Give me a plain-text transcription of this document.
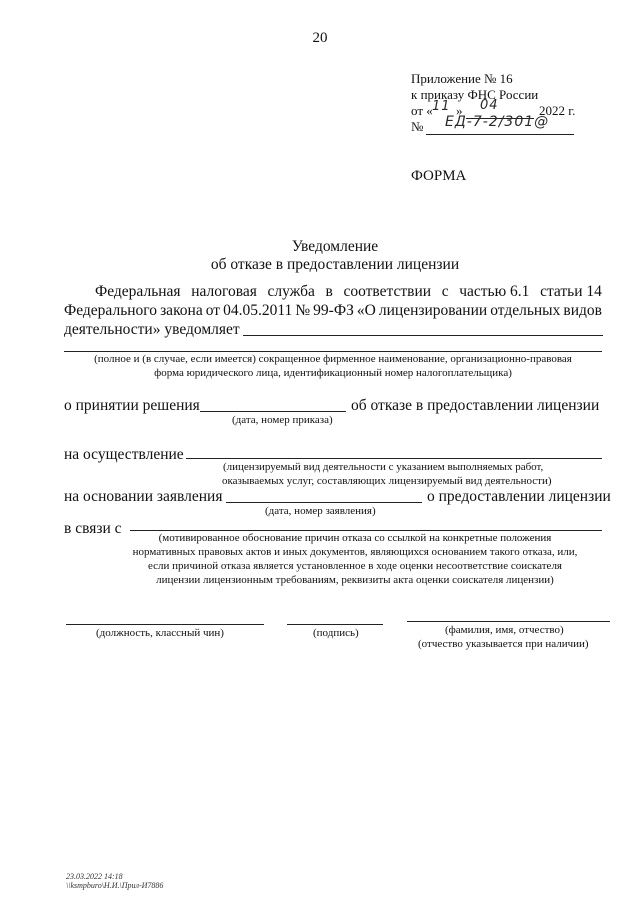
20
Приложение № 16
к приказу ФНС России
от « 11 » 04	2022 г.
№ ЕД-7-2/301@
ФОРМА
Уведомление
об отказе в предоставлении лицензии
Федеральная налоговая служба в соответствии с частью 6.1 статьи 14
Федерального закона от 04.05.2011 № 99-ФЗ «О лицензировании отдельных видов
деятельности» уведомляет
(полное и (в случае, если имеется) сокращенное фирменное наименование, организационно-правовая
форма юридического лица, идентификационный номер налогоплательщика)
о принятии решения	об отказе в предоставлении лицензии
(дата, номер приказа)
на осуществление
(лицензируемый вид деятельности с указанием выполняемых работ,
оказываемых услуг, составляющих лицензируемый вид деятельности)
на основании заявления	о предоставлении лицензии
(дата, номер заявления)
в связи с
(мотивированное обоснование причин отказа со ссылкой на конкретные положения
нормативных правовых актов и иных документов, являющихся основанием такого отказа, или,
если причиной отказа является установленное в ходе оценки несоответствие соискателя
лицензии лицензионным требованиям, реквизиты акта оценки соискателя лицензии)
(должность, классный чин)	(подпись)	(фамилия, имя, отчество)
(отчество указывается при наличии)
23.03.2022 14:18
\\ksmpburo\Н.И.\Прил-И7886
